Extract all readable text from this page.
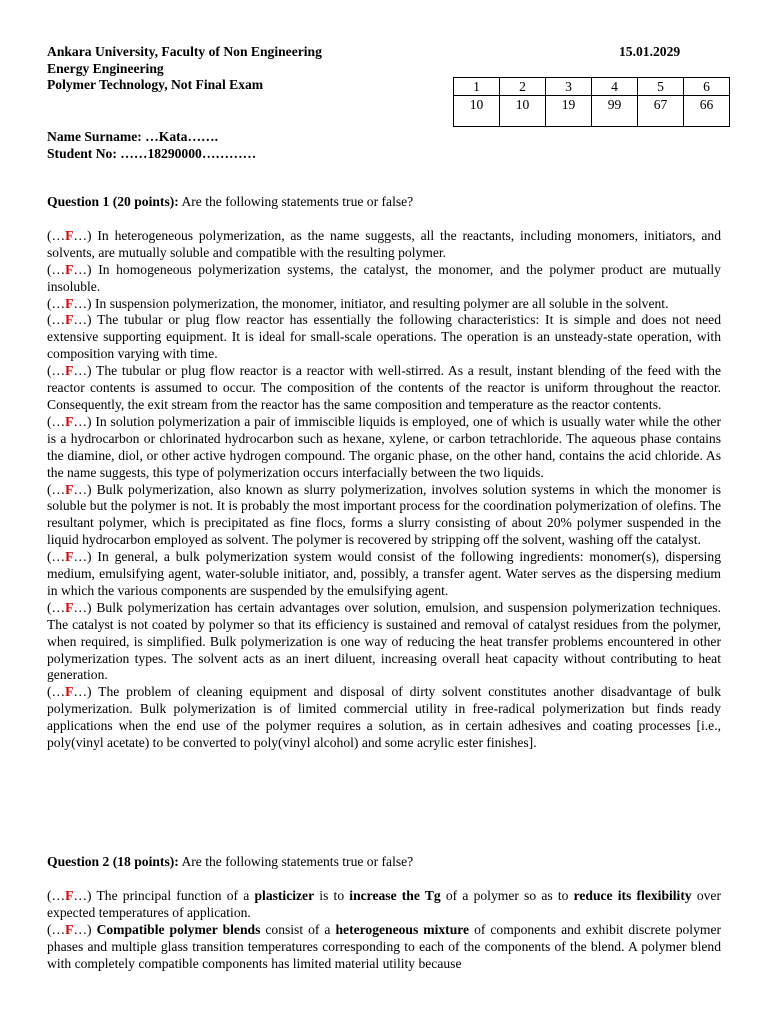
Ankara University, Faculty of Non Engineering
Energy Engineering
Polymer Technology, Not Final Exam
15.01.2029
1	2	3	4	5	6
10	10	19	99	67	66
Name Surname: …Kata…….
Student No: ……18290000…………

Question 1 (20 points): Are the following statements true or false?

(…F…) In heterogeneous polymerization, as the name suggests, all the reactants, including monomers, initiators, and solvents, are mutually soluble and compatible with the resulting polymer.

(…F…) In homogeneous polymerization systems, the catalyst, the monomer, and the polymer product are mutually insoluble.

(…F…) In suspension polymerization, the monomer, initiator, and resulting polymer are all soluble in the solvent.

(…F…) The tubular or plug flow reactor has essentially the following characteristics: It is simple and does not need extensive supporting equipment. It is ideal for small-scale operations. The operation is an unsteady-state operation, with composition varying with time.

(…F…) The tubular or plug flow reactor is a reactor with well-stirred. As a result, instant blending of the feed with the reactor contents is assumed to occur. The composition of the contents of the reactor is uniform throughout the reactor. Consequently, the exit stream from the reactor has the same composition and temperature as the reactor contents.

(…F…) In solution polymerization a pair of immiscible liquids is employed, one of which is usually water while the other is a hydrocarbon or chlorinated hydrocarbon such as hexane, xylene, or carbon tetrachloride. The aqueous phase contains the diamine, diol, or other active hydrogen compound. The organic phase, on the other hand, contains the acid chloride. As the name suggests, this type of polymerization occurs interfacially between the two liquids.

(…F…) Bulk polymerization, also known as slurry polymerization, involves solution systems in which the monomer is soluble but the polymer is not. It is probably the most important process for the coordination polymerization of olefins. The resultant polymer, which is precipitated as fine flocs, forms a slurry consisting of about 20% polymer suspended in the liquid hydrocarbon employed as solvent. The polymer is recovered by stripping off the solvent, washing off the catalyst.

(…F…) In general, a bulk polymerization system would consist of the following ingredients: monomer(s), dispersing medium, emulsifying agent, water-soluble initiator, and, possibly, a transfer agent. Water serves as the dispersing medium in which the various components are suspended by the emulsifying agent.

(…F…) Bulk polymerization has certain advantages over solution, emulsion, and suspension polymerization techniques. The catalyst is not coated by polymer so that its efficiency is sustained and removal of catalyst residues from the polymer, when required, is simplified. Bulk polymerization is one way of reducing the heat transfer problems encountered in other polymerization types. The solvent acts as an inert diluent, increasing overall heat capacity without contributing to heat generation.

(…F…) The problem of cleaning equipment and disposal of dirty solvent constitutes another disadvantage of bulk polymerization. Bulk polymerization is of limited commercial utility in free-radical polymerization but finds ready applications when the end use of the polymer requires a solution, as in certain adhesives and coating processes [i.e., poly(vinyl acetate) to be converted to poly(vinyl alcohol) and some acrylic ester finishes].

Question 2 (18 points): Are the following statements true or false?

(…F…) The principal function of a plasticizer is to increase the Tg of a polymer so as to reduce its flexibility over expected temperatures of application.

(…F…) Compatible polymer blends consist of a heterogeneous mixture of components and exhibit discrete polymer phases and multiple glass transition temperatures corresponding to each of the components of the blend. A polymer blend with completely compatible components has limited material utility because
